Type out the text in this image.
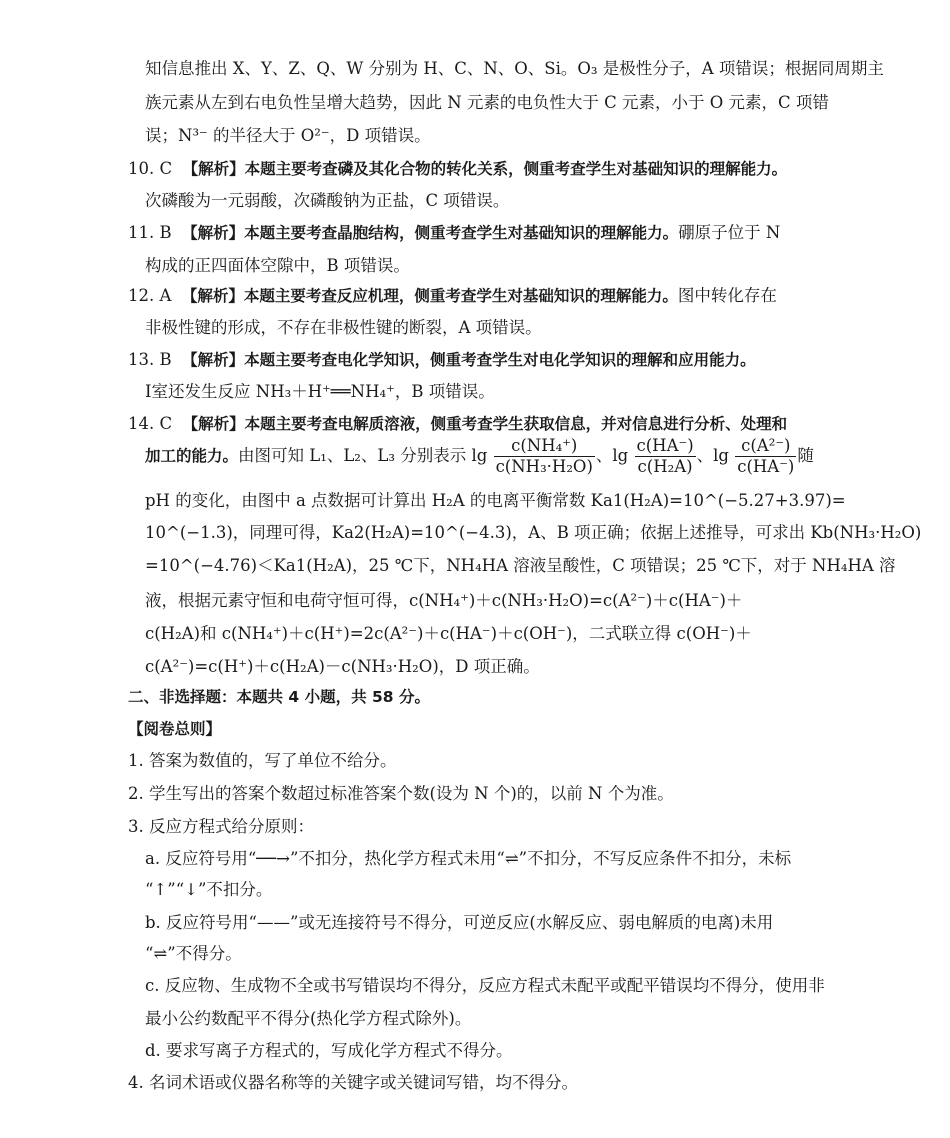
知信息推出 X、Y、Z、Q、W 分别为 H、C、N、O、Si。O₃ 是极性分子，A 项错误；根据同周期主
族元素从左到右电负性呈增大趋势，因此 N 元素的电负性大于 C 元素，小于 O 元素，C 项错
误；N³⁻ 的半径大于 O²⁻，D 项错误。
10. C 【解析】本题主要考查磷及其化合物的转化关系，侧重考查学生对基础知识的理解能力。
次磷酸为一元弱酸，次磷酸钠为正盐，C 项错误。
11. B 【解析】本题主要考查晶胞结构，侧重考查学生对基础知识的理解能力。硼原子位于 N
构成的正四面体空隙中，B 项错误。
12. A 【解析】本题主要考查反应机理，侧重考查学生对基础知识的理解能力。图中转化存在
非极性键的形成，不存在非极性键的断裂，A 项错误。
13. B 【解析】本题主要考查电化学知识，侧重考查学生对电化学知识的理解和应用能力。
Ⅰ室还发生反应 NH₃＋H⁺══NH₄⁺，B 项错误。
14. C 【解析】本题主要考查电解质溶液，侧重考查学生获取信息，并对信息进行分析、处理和
加工的能力。由图可知 L₁、L₂、L₃ 分别表示 $\lg \frac{\text{c(NH₄⁺)}}{\text{c(NH₃·H₂O)}}$ 、$\lg \frac{c(HA^-)}{\text{c(H₂A)}}$ 、$\lg \frac{\text{c(A²⁻)}}{c(HA^-)}$ 随
pH 的变化，由图中 a 点数据可计算出 H₂A 的电离平衡常数 Ka1(H₂A)=10^(−5.27+3.97)=
10^(−1.3)，同理可得，Ka2(H₂A)=10^(−4.3)，A、B 项正确；依据上述推导，可求出 Kb(NH₃·H₂O)
=10^(−4.76)＜Ka1(H₂A)，25 ℃下，NH₄HA 溶液呈酸性，C 项错误；25 ℃下，对于 NH₄HA 溶
液，根据元素守恒和电荷守恒可得，c(NH₄⁺)＋c(NH₃·H₂O)=c(A²⁻)＋c(HA⁻)＋
c(H₂A)和 c(NH₄⁺)＋c(H⁺)=2c(A²⁻)＋c(HA⁻)＋c(OH⁻)，二式联立得 c(OH⁻)＋
c(A²⁻)=c(H⁺)＋c(H₂A)－c(NH₃·H₂O)，D 项正确。
二、非选择题：本题共 4 小题，共 58 分。
【阅卷总则】
1. 答案为数值的，写了单位不给分。
2. 学生写出的答案个数超过标准答案个数(设为 N 个)的，以前 N 个为准。
3. 反应方程式给分原则：
a. 反应符号用“──→”不扣分，热化学方程式未用“⇌”不扣分，不写反应条件不扣分，未标
“↑”“↓”不扣分。
b. 反应符号用“——”或无连接符号不得分，可逆反应(水解反应、弱电解质的电离)未用
“⇌”不得分。
c. 反应物、生成物不全或书写错误均不得分，反应方程式未配平或配平错误均不得分，使用非
最小公约数配平不得分(热化学方程式除外)。
d. 要求写离子方程式的，写成化学方程式不得分。
4. 名词术语或仪器名称等的关键字或关键词写错，均不得分。
